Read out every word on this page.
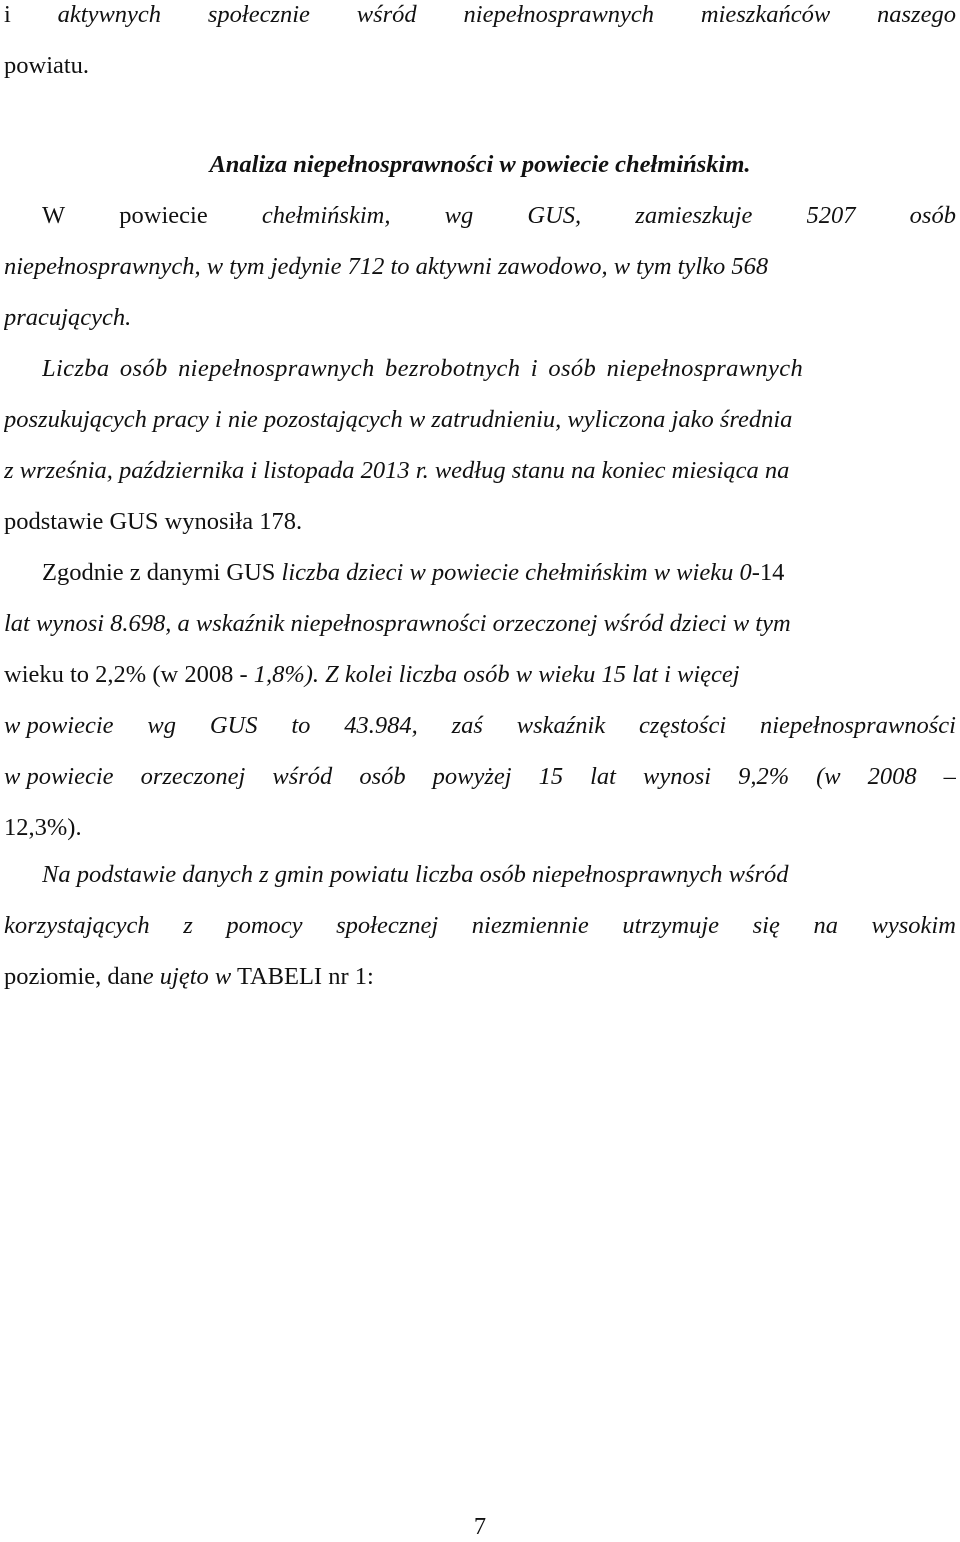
i aktywnych społecznie wśród niepełnosprawnych mieszkańców naszego
powiatu.
Analiza niepełnosprawności w powiecie chełmińskim.
W powiecie chełmińskim, wg GUS, zamieszkuje 5207 osób
niepełnosprawnych, w tym jedynie 712 to aktywni zawodowo, w tym tylko 568
pracujących.
Liczba osób niepełnosprawnych bezrobotnych i osób niepełnosprawnych
poszukujących pracy i nie pozostających w zatrudnieniu, wyliczona jako średnia
z września, października i listopada 2013 r. według stanu na koniec miesiąca na
podstawie GUS wynosiła 178.
Zgodnie z danymi GUS liczba dzieci w powiecie chełmińskim w wieku 0-14
lat wynosi 8.698, a wskaźnik niepełnosprawności orzeczonej wśród dzieci w tym
wieku to 2,2% (w 2008 - 1,8%). Z kolei liczba osób w wieku 15 lat i więcej
w powiecie wg GUS to 43.984, zaś wskaźnik częstości niepełnosprawności
w powiecie orzeczonej wśród osób powyżej 15 lat wynosi 9,2% (w 2008 –
12,3%).
Na podstawie danych z gmin powiatu liczba osób niepełnosprawnych wśród
korzystających z pomocy społecznej niezmiennie utrzymuje się na wysokim
poziomie, dane ujęto w TABELI nr 1:
7
